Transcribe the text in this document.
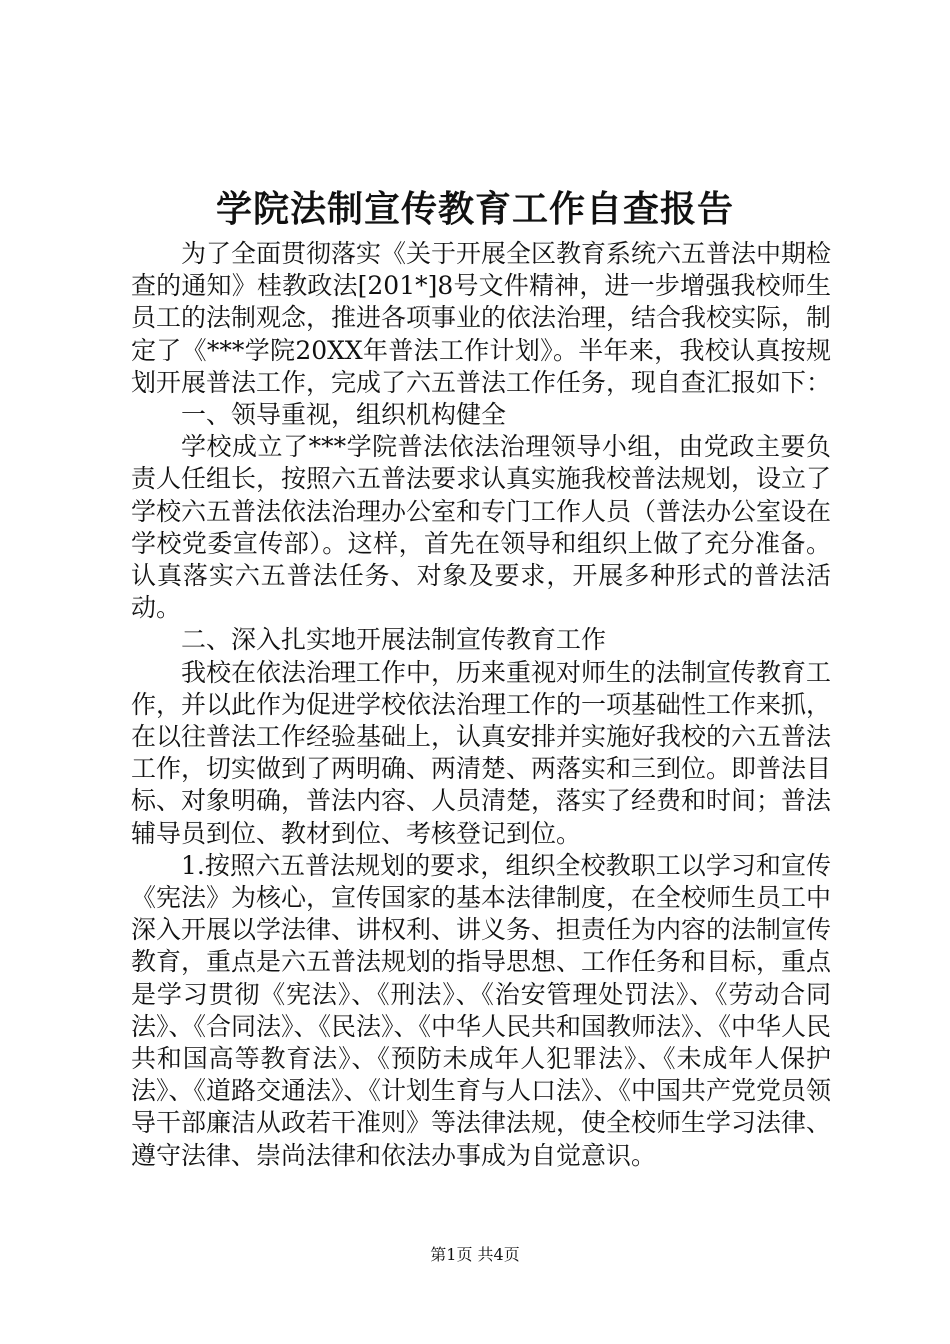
学院法制宣传教育工作自查报告

为了全面贯彻落实《关于开展全区教育系统六五普法中期检查的通知》桂教政法[201*]8号文件精神，进一步增强我校师生员工的法制观念，推进各项事业的依法治理，结合我校实际，制定了《***学院20XX年普法工作计划》。半年来，我校认真按规划开展普法工作，完成了六五普法工作任务，现自查汇报如下：

一、领导重视，组织机构健全

学校成立了***学院普法依法治理领导小组，由党政主要负责人任组长，按照六五普法要求认真实施我校普法规划，设立了学校六五普法依法治理办公室和专门工作人员（普法办公室设在学校党委宣传部）。这样，首先在领导和组织上做了充分准备。认真落实六五普法任务、对象及要求，开展多种形式的普法活动。

二、深入扎实地开展法制宣传教育工作

我校在依法治理工作中，历来重视对师生的法制宣传教育工作，并以此作为促进学校依法治理工作的一项基础性工作来抓，在以往普法工作经验基础上，认真安排并实施好我校的六五普法工作，切实做到了两明确、两清楚、两落实和三到位。即普法目标、对象明确，普法内容、人员清楚，落实了经费和时间；普法辅导员到位、教材到位、考核登记到位。

1.按照六五普法规划的要求，组织全校教职工以学习和宣传《宪法》为核心，宣传国家的基本法律制度，在全校师生员工中深入开展以学法律、讲权利、讲义务、担责任为内容的法制宣传教育，重点是六五普法规划的指导思想、工作任务和目标，重点是学习贯彻《宪法》、《刑法》、《治安管理处罚法》、《劳动合同法》、《合同法》、《民法》、《中华人民共和国教师法》、《中华人民共和国高等教育法》、《预防未成年人犯罪法》、《未成年人保护法》、《道路交通法》、《计划生育与人口法》、《中国共产党党员领导干部廉洁从政若干准则》等法律法规，使全校师生学习法律、遵守法律、崇尚法律和依法办事成为自觉意识。

第1页 共4页
